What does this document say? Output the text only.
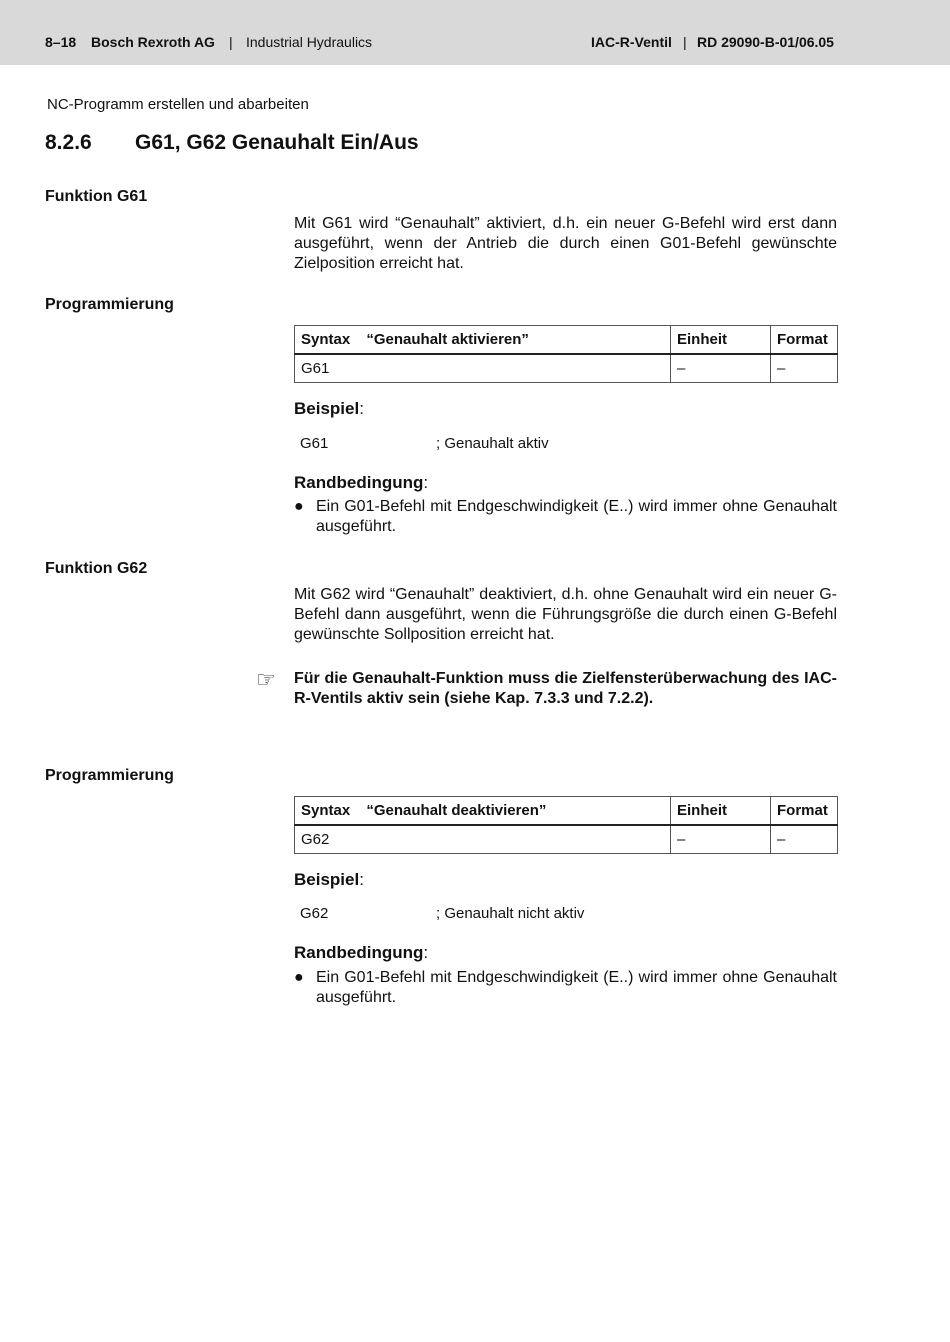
8–18 Bosch Rexroth AG | Industrial Hydraulics	IAC-R-Ventil | RD 29090-B-01/06.05
NC-Programm erstellen und abarbeiten
8.2.6 G61, G62 Genauhalt Ein/Aus
Funktion G61
Mit G61 wird “Genauhalt” aktiviert, d.h. ein neuer G-Befehl wird erst dann ausgeführt, wenn der Antrieb die durch einen G01-Befehl gewünschte Zielposition erreicht hat.
Programmierung
Syntax “Genauhalt aktivieren”	Einheit	Format
G61	–	–
Beispiel:
G61	; Genauhalt aktiv
Randbedingung:
● Ein G01-Befehl mit Endgeschwindigkeit (E..) wird immer ohne Genauhalt ausgeführt.
Funktion G62
Mit G62 wird “Genauhalt” deaktiviert, d.h. ohne Genauhalt wird ein neuer G-Befehl dann ausgeführt, wenn die Führungsgröße die durch einen G-Befehl gewünschte Sollposition erreicht hat.
☞ Für die Genauhalt-Funktion muss die Zielfensterüberwachung des IAC-R-Ventils aktiv sein (siehe Kap. 7.3.3 und 7.2.2).
Programmierung
Syntax “Genauhalt deaktivieren”	Einheit	Format
G62	–	–
Beispiel:
G62	; Genauhalt nicht aktiv
Randbedingung:
● Ein G01-Befehl mit Endgeschwindigkeit (E..) wird immer ohne Genauhalt ausgeführt.
